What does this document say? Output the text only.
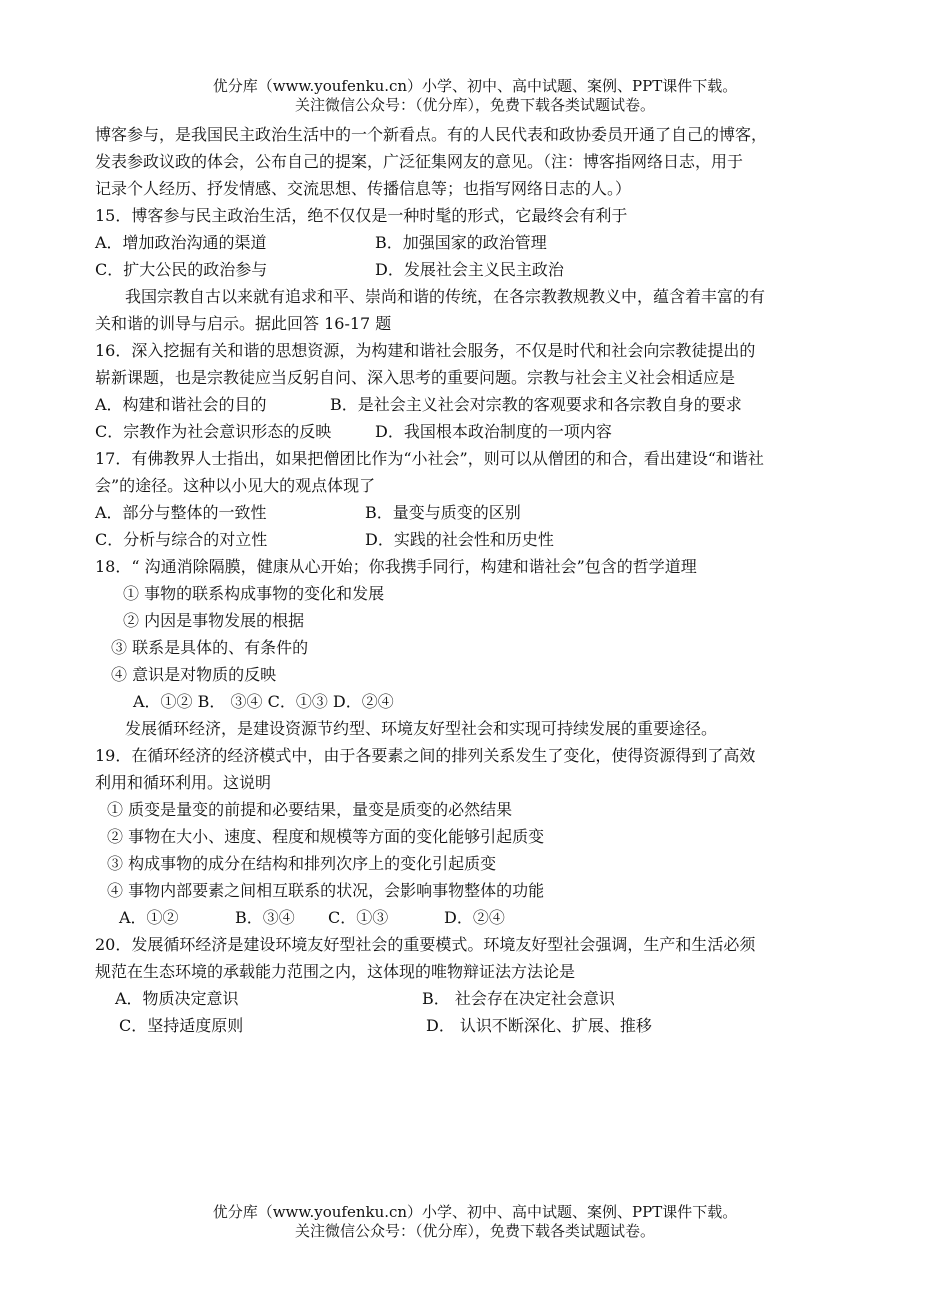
优分库（www.youfenku.cn）小学、初中、高中试题、案例、PPT课件下载。
关注微信公众号：（优分库），免费下载各类试题试卷。
博客参与，是我国民主政治生活中的一个新看点。有的人民代表和政协委员开通了自己的博客，
发表参政议政的体会，公布自己的提案，广泛征集网友的意见。（注：博客指网络日志，用于
记录个人经历、抒发情感、交流思想、传播信息等；也指写网络日志的人。）
15．博客参与民主政治生活，绝不仅仅是一种时髦的形式，它最终会有利于
A．增加政治沟通的渠道	B．加强国家的政治管理
C．扩大公民的政治参与	D．发展社会主义民主政治
我国宗教自古以来就有追求和平、崇尚和谐的传统，在各宗教教规教义中，蕴含着丰富的有
关和谐的训导与启示。据此回答 16-17 题
16．深入挖掘有关和谐的思想资源，为构建和谐社会服务，不仅是时代和社会向宗教徒提出的
崭新课题，也是宗教徒应当反躬自问、深入思考的重要问题。宗教与社会主义社会相适应是
A．构建和谐社会的目的	B．是社会主义社会对宗教的客观要求和各宗教自身的要求
C．宗教作为社会意识形态的反映	D．我国根本政治制度的一项内容
17．有佛教界人士指出，如果把僧团比作为“小社会”，则可以从僧团的和合，看出建设“和谐社
会”的途径。这种以小见大的观点体现了
A．部分与整体的一致性	B．量变与质变的区别
C．分析与综合的对立性	D．实践的社会性和历史性
18．“ 沟通消除隔膜，健康从心开始；你我携手同行，构建和谐社会”包含的哲学道理
① 事物的联系构成事物的变化和发展
② 内因是事物发展的根据
③ 联系是具体的、有条件的
④ 意识是对物质的反映
A．①② B． ③④ C．①③ D．②④
发展循环经济，是建设资源节约型、环境友好型社会和实现可持续发展的重要途径。
19．在循环经济的经济模式中，由于各要素之间的排列关系发生了变化，使得资源得到了高效
利用和循环利用。这说明
① 质变是量变的前提和必要结果，量变是质变的必然结果
② 事物在大小、速度、程度和规模等方面的变化能够引起质变
③ 构成事物的成分在结构和排列次序上的变化引起质变
④ 事物内部要素之间相互联系的状况，会影响事物整体的功能
A．①②	B．③④ C．①③	D．②④
20．发展循环经济是建设环境友好型社会的重要模式。环境友好型社会强调，生产和生活必须
规范在生态环境的承载能力范围之内，这体现的唯物辩证法方法论是
A．物质决定意识	B． 社会存在决定社会意识
C．坚持适度原则	D． 认识不断深化、扩展、推移
优分库（www.youfenku.cn）小学、初中、高中试题、案例、PPT课件下载。
关注微信公众号：（优分库），免费下载各类试题试卷。
